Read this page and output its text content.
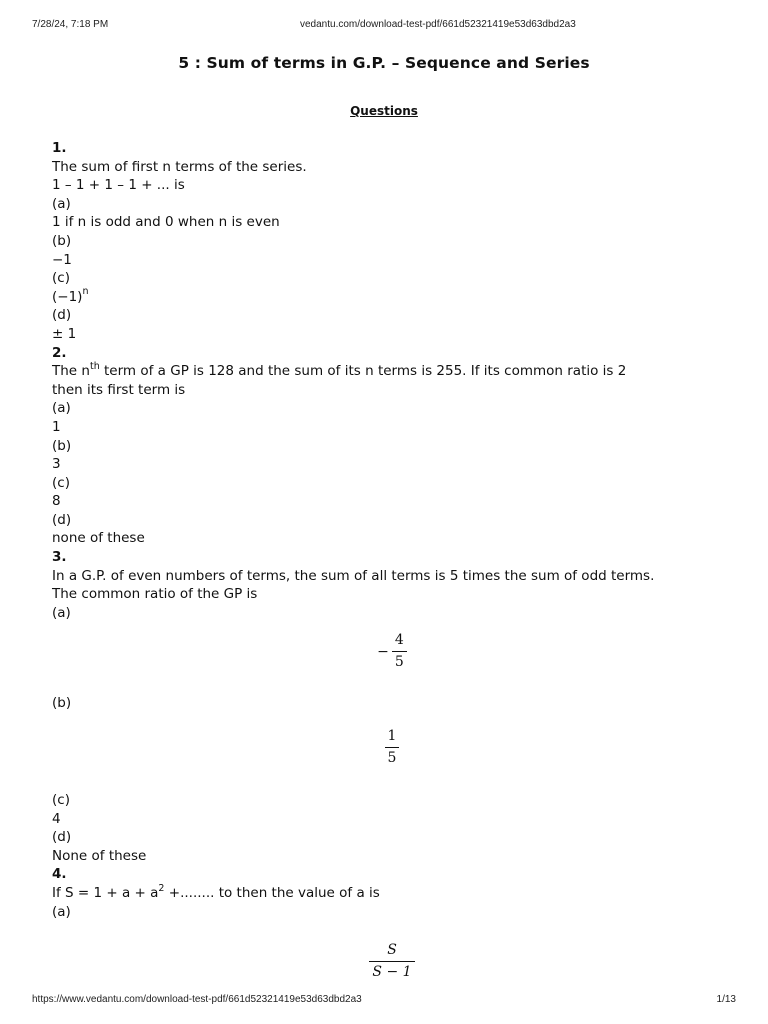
7/28/24, 7:18 PM	vedantu.com/download-test-pdf/661d52321419e53d63dbd2a3
5 : Sum of terms in G.P. – Sequence and Series
Questions
1.
The sum of first n terms of the series.
1 – 1 + 1 – 1 + ... is
(a)
1 if n is odd and 0 when n is even
(b)
−1
(c)
$(-1)^n$
(d)
± 1
2.
The $n^{th}$ term of a GP is 128 and the sum of its n terms is 255. If its common ratio is 2
then its first term is
(a)
1
(b)
3
(c)
8
(d)
none of these
3.
In a G.P. of even numbers of terms, the sum of all terms is 5 times the sum of odd terms.
The common ratio of the GP is
(a)
− $\frac{4}{5}$
(b)
$\frac{1}{5}$
(c)
4
(d)
None of these
4.
If $S = 1 + a + a^2$ +........ to then the value of a is
(a)
$\frac{S}{S - 1}$
https://www.vedantu.com/download-test-pdf/661d52321419e53d63dbd2a3	1/13
